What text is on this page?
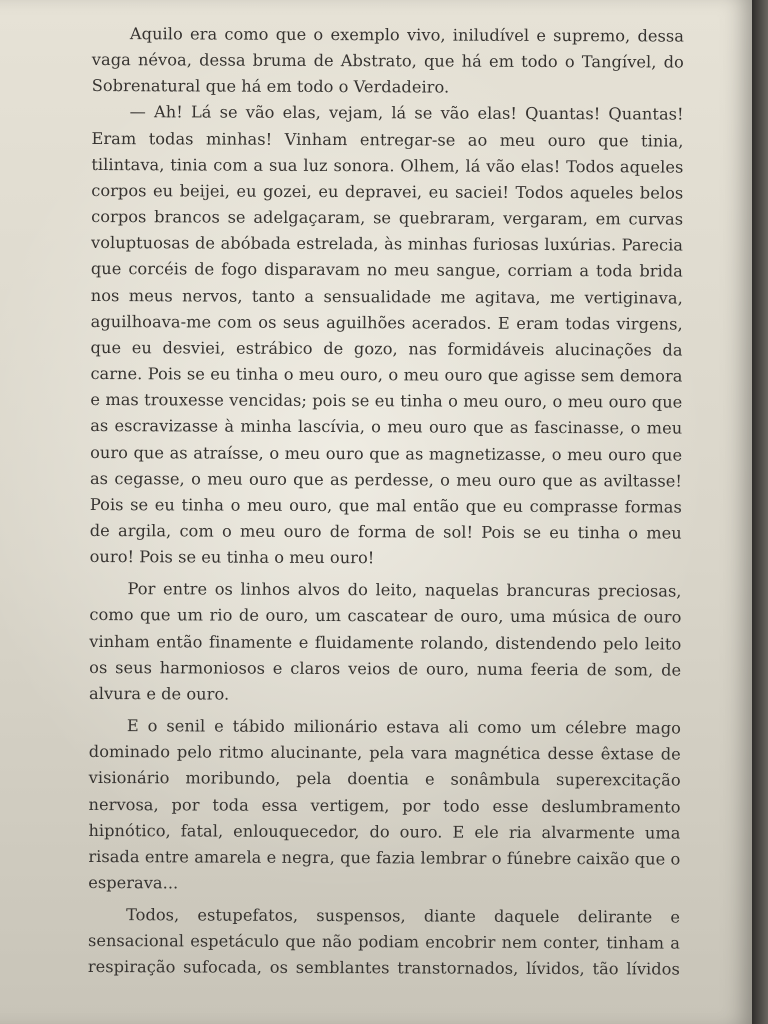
Aquilo era como que o exemplo vivo, iniludível e supremo, dessa vaga névoa, dessa bruma de Abstrato, que há em todo o Tangível, do Sobrenatural que há em todo o Verdadeiro.

— Ah! Lá se vão elas, vejam, lá se vão elas! Quantas! Quantas! Eram todas minhas! Vinham entregar-se ao meu ouro que tinia, tilintava, tinia com a sua luz sonora. Olhem, lá vão elas! Todos aqueles corpos eu beijei, eu gozei, eu depravei, eu saciei! Todos aqueles belos corpos brancos se adelgaçaram, se quebraram, vergaram, em curvas voluptuosas de abóbada estrelada, às minhas furiosas luxúrias. Parecia que corcéis de fogo disparavam no meu sangue, corriam a toda brida nos meus nervos, tanto a sensualidade me agitava, me vertiginava, aguilhoava-me com os seus aguilhões acerados. E eram todas virgens, que eu desviei, estrábico de gozo, nas formidáveis alucinações da carne. Pois se eu tinha o meu ouro, o meu ouro que agisse sem demora e mas trouxesse vencidas; pois se eu tinha o meu ouro, o meu ouro que as escravizasse à minha lascívia, o meu ouro que as fascinasse, o meu ouro que as atraísse, o meu ouro que as magnetizasse, o meu ouro que as cegasse, o meu ouro que as perdesse, o meu ouro que as aviltasse! Pois se eu tinha o meu ouro, que mal então que eu comprasse formas de argila, com o meu ouro de forma de sol! Pois se eu tinha o meu ouro! Pois se eu tinha o meu ouro!

Por entre os linhos alvos do leito, naquelas brancuras preciosas, como que um rio de ouro, um cascatear de ouro, uma música de ouro vinham então finamente e fluidamente rolando, distendendo pelo leito os seus harmoniosos e claros veios de ouro, numa feeria de som, de alvura e de ouro.

E o senil e tábido milionário estava ali como um célebre mago dominado pelo ritmo alucinante, pela vara magnética desse êxtase de visionário moribundo, pela doentia e sonâmbula superexcitação nervosa, por toda essa vertigem, por todo esse deslumbramento hipnótico, fatal, enlouquecedor, do ouro. E ele ria alvarmente uma risada entre amarela e negra, que fazia lembrar o fúnebre caixão que o esperava...

Todos, estupefatos, suspensos, diante daquele delirante e sensacional espetáculo que não podiam encobrir nem conter, tinham a respiração sufocada, os semblantes transtornados, lívidos, tão lívidos
